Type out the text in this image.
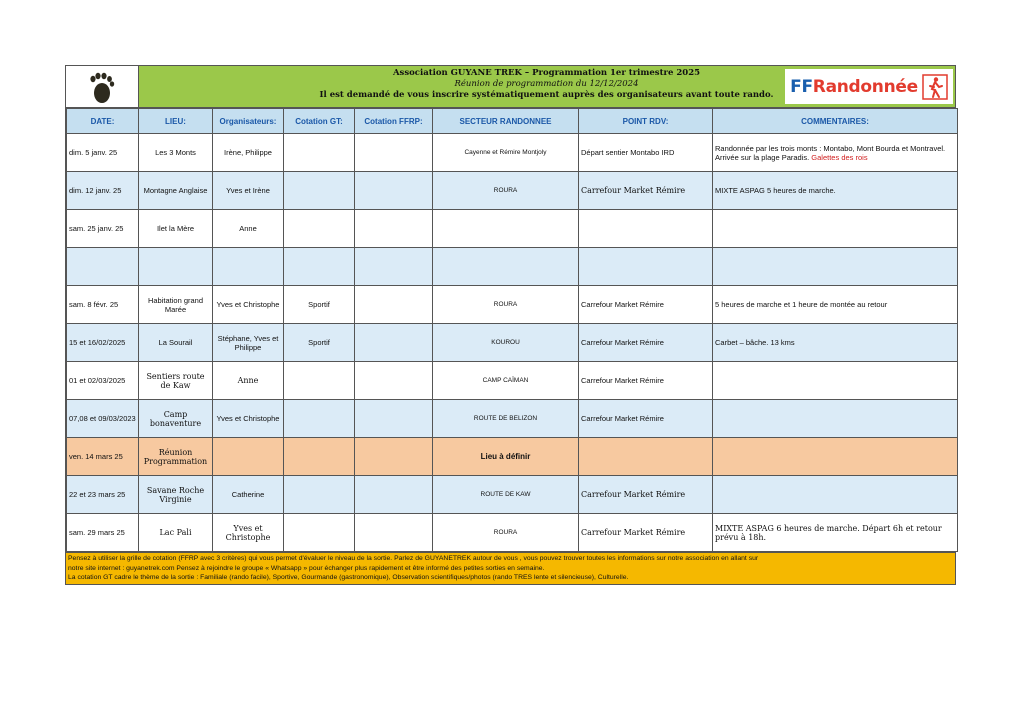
Association GUYANE TREK – Programmation 1er trimestre 2025
Réunion de programmation du 12/12/2024
Il est demandé de vous inscrire systématiquement auprès des organisateurs avant toute rando. FFRandonnée
DATE:	LIEU:	Organisateurs:	Cotation GT:	Cotation FFRP:	SECTEUR RANDONNEE	POINT RDV:	COMMENTAIRES:
dim. 5 janv. 25	Les 3 Monts	Irène, Philippe			Cayenne et Rémire Montjoly	Départ sentier Montabo IRD	Randonnée par les trois monts : Montabo, Mont Bourda et Montravel. Arrivée sur la plage Paradis. Galettes des rois
dim. 12 janv. 25	Montagne Anglaise	Yves et Irène			ROURA	Carrefour Market Rémire	MIXTE ASPAG 5 heures de marche.
sam. 25 janv. 25	Ilet la Mère	Anne					

sam. 8 févr. 25	Habitation grand Marée	Yves et Christophe	Sportif		ROURA	Carrefour Market Rémire	5 heures de marche et 1 heure de montée au retour
15 et 16/02/2025	La Sourail	Stéphane, Yves et Philippe	Sportif		KOUROU	Carrefour Market Rémire	Carbet – bâche. 13 kms
01 et 02/03/2025	Sentiers route de Kaw	Anne			CAMP CAÏMAN	Carrefour Market Rémire	
07,08 et 09/03/2023	Camp bonaventure	Yves et Christophe			ROUTE DE BELIZON	Carrefour Market Rémire	
ven. 14 mars 25	Réunion Programmation				Lieu à définir		
22 et 23 mars 25	Savane Roche Virginie	Catherine			ROUTE DE KAW	Carrefour Market Rémire	
sam. 29 mars 25	Lac Pali	Yves et Christophe			ROURA	Carrefour Market Rémire	MIXTE ASPAG 6 heures de marche. Départ 6h et retour prévu à 18h.
Pensez à utiliser la grille de cotation (FFRP avec 3 critères) qui vous permet d'évaluer le niveau de la sortie. Parlez de GUYANETREK autour de vous , vous pouvez trouver toutes les informations sur notre association en allant sur
notre site internet : guyanetrek.com Pensez à rejoindre le groupe « Whatsapp » pour échanger plus rapidement et être informé des petites sorties en semaine.
La cotation GT cadre le thème de la sortie : Familiale (rando facile), Sportive, Gourmande (gastronomique), Observation scientifiques/photos (rando TRES lente et silencieuse), Culturelle.
